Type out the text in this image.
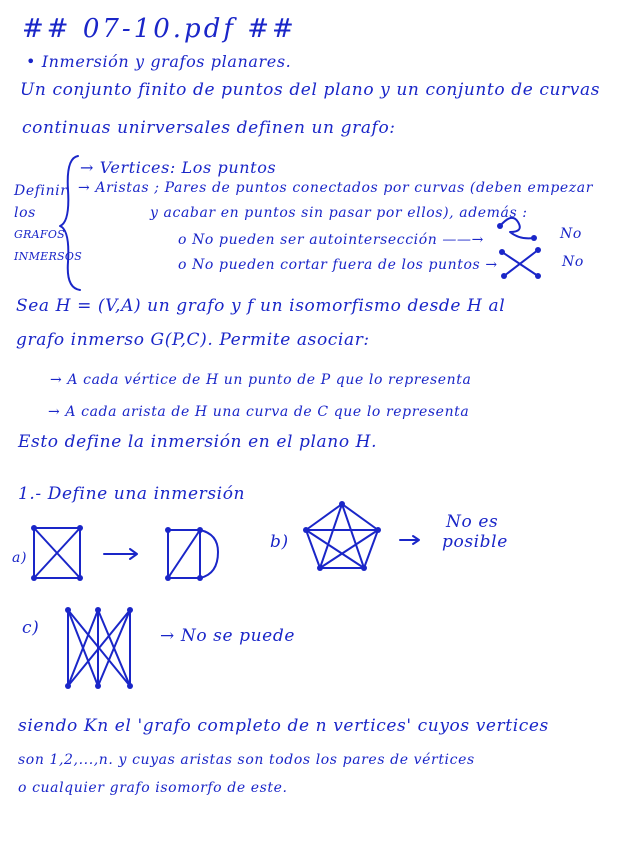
## 07-10.pdf ##
• Inmersión y grafos planares.
Un conjunto finito de puntos del plano y un conjunto de curvas
continuas unirversales definen un grafo:
Definir
los
GRAFOS
INMERSOS
→ Vertices: Los puntos
→ Aristas ; Pares de puntos conectados por curvas (deben empezar
y acabar en puntos sin pasar por ellos), además :
o No pueden ser autointersección ——→	No
o No pueden cortar fuera de los puntos →	No
Sea H = (V,A) un grafo y f un isomorfismo desde H al
grafo inmerso G(P,C). Permite asociar:
→ A cada vértice de H un punto de P que lo representa
→ A cada arista de H una curva de C que lo representa
Esto define la inmersión en el plano H.
1.- Define una inmersión
a)
b)
No es
posible
c)	→ No se puede
siendo Kn el 'grafo completo de n vertices' cuyos vertices
son 1,2,...,n. y cuyas aristas son todos los pares de vértices
o cualquier grafo isomorfo de este.
